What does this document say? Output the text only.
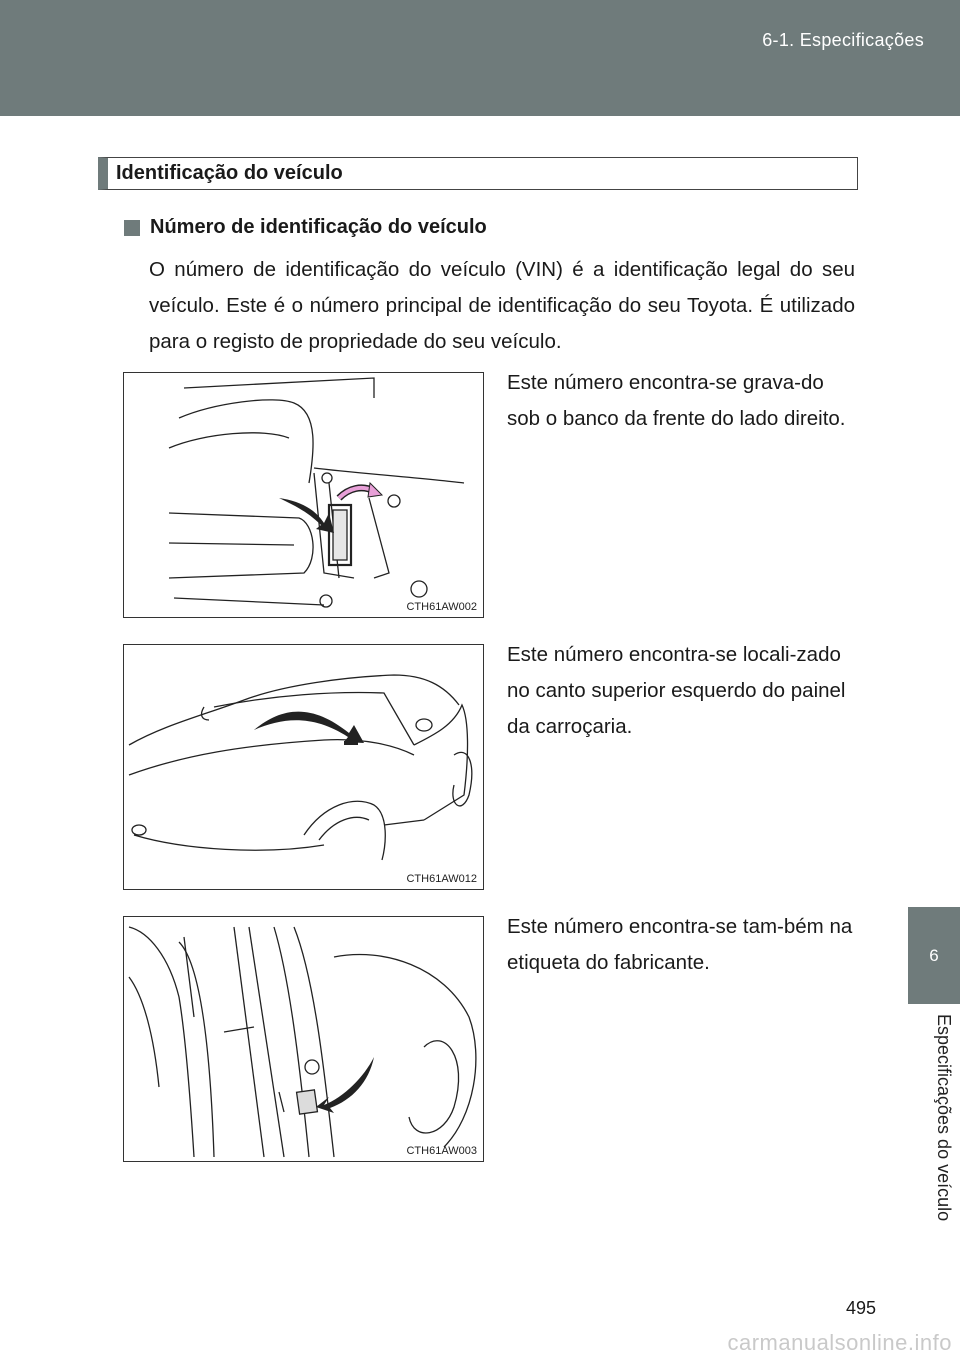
6-1. Especificações
6
Especificações do veículo
Identificação do veículo
Número de identificação do veículo
O número de identificação do veículo (VIN) é a identificação legal do seu veículo. Este é o número principal de identificação do seu Toyota. É utilizado para o registo de propriedade do seu veículo.
CTH61AW002
Este número encontra-se grava-do sob o banco da frente do lado direito.
CTH61AW012
Este número encontra-se locali-zado no canto superior esquerdo do painel da carroçaria.
CTH61AW003
Este número encontra-se tam-bém na etiqueta do fabricante.
495
carmanualsonline.info
